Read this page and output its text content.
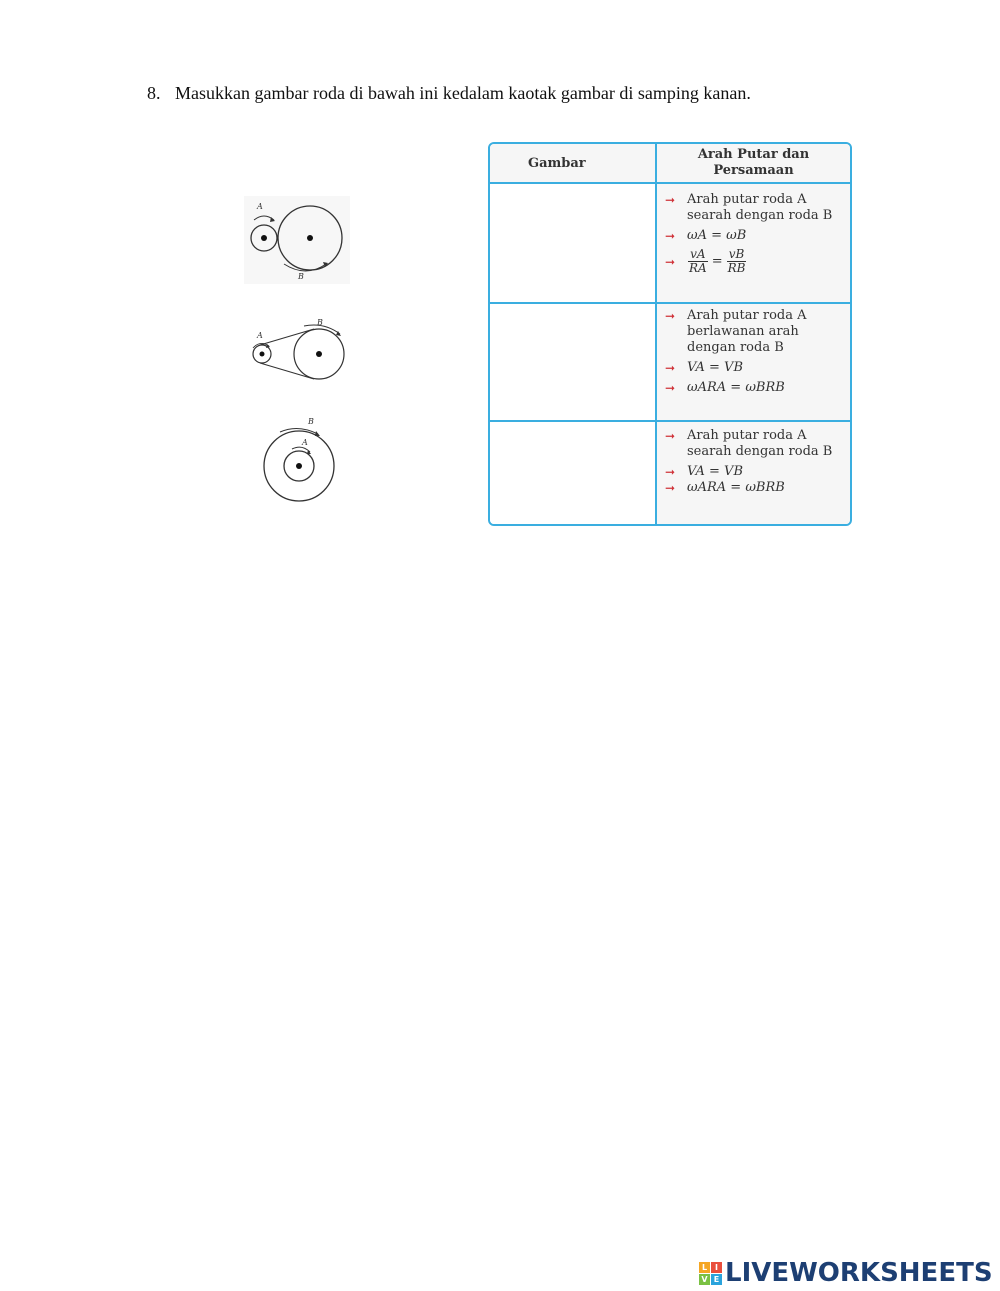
8. Masukkan gambar roda di bawah ini kedalam kaotak gambar di samping kanan.
A
B
A
B
B
A
Gambar
Arah Putar dan
Persamaan
➞ Arah putar roda A
searah dengan roda B
➞ ωA = ωB
➞ $\frac{vA}{RA} = \frac{vB}{RB}$
➞ Arah putar roda A
berlawanan arah
dengan roda B
➞ VA = VB
➞ ωARA = ωBRB
➞ Arah putar roda A
searah dengan roda B
➞ VA = VB
➞ ωARA = ωBRB
L I
V E LIVEWORKSHEETS
